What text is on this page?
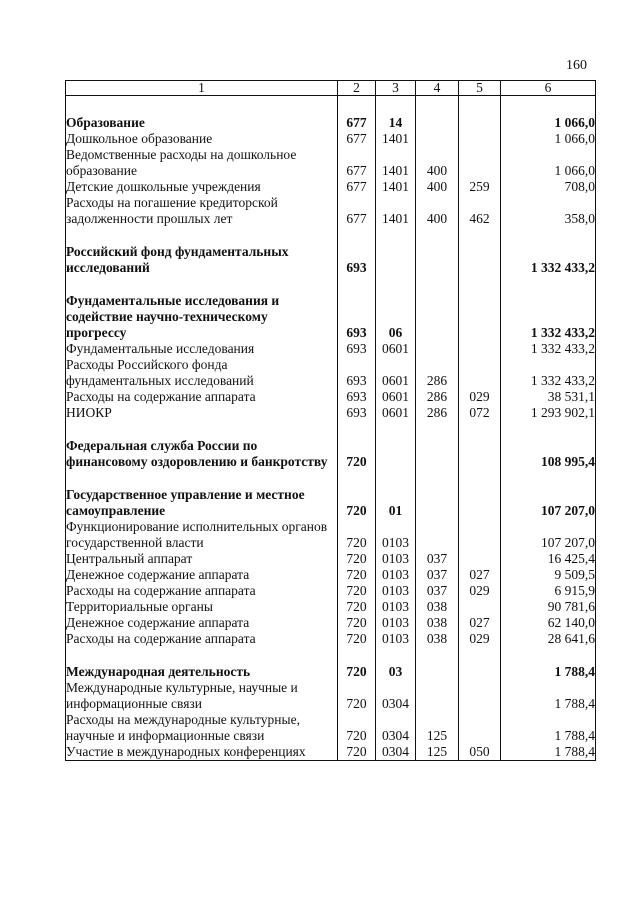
160
1	2	3	4	5	6

Образование	677	14			1 066,0
Дошкольное образование	677	1401			1 066,0
Ведомственные расходы на дошкольное					
образование	677	1401	400		1 066,0
Детские дошкольные учреждения	677	1401	400	259	708,0
Расходы на погашение кредиторской					
задолженности прошлых лет	677	1401	400	462	358,0

Российский фонд фундаментальных					
исследований	693				1 332 433,2

Фундаментальные исследования и					
содействие научно-техническому					
прогрессу	693	06			1 332 433,2
Фундаментальные исследования	693	0601			1 332 433,2
Расходы Российского фонда					
фундаментальных исследований	693	0601	286		1 332 433,2
Расходы на содержание аппарата	693	0601	286	029	38 531,1
НИОКР	693	0601	286	072	1 293 902,1

Федеральная служба России по					
финансовому оздоровлению и банкротству	720				108 995,4

Государственное управление и местное					
самоуправление	720	01			107 207,0
Функционирование исполнительных органов					
государственной власти	720	0103			107 207,0
Центральный аппарат	720	0103	037		16 425,4
Денежное содержание аппарата	720	0103	037	027	9 509,5
Расходы на содержание аппарата	720	0103	037	029	6 915,9
Территориальные органы	720	0103	038		90 781,6
Денежное содержание аппарата	720	0103	038	027	62 140,0
Расходы на содержание аппарата	720	0103	038	029	28 641,6

Международная деятельность	720	03			1 788,4
Международные культурные, научные и					
информационные связи	720	0304			1 788,4
Расходы на международные культурные,					
научные и информационные связи	720	0304	125		1 788,4
Участие в международных конференциях	720	0304	125	050	1 788,4
